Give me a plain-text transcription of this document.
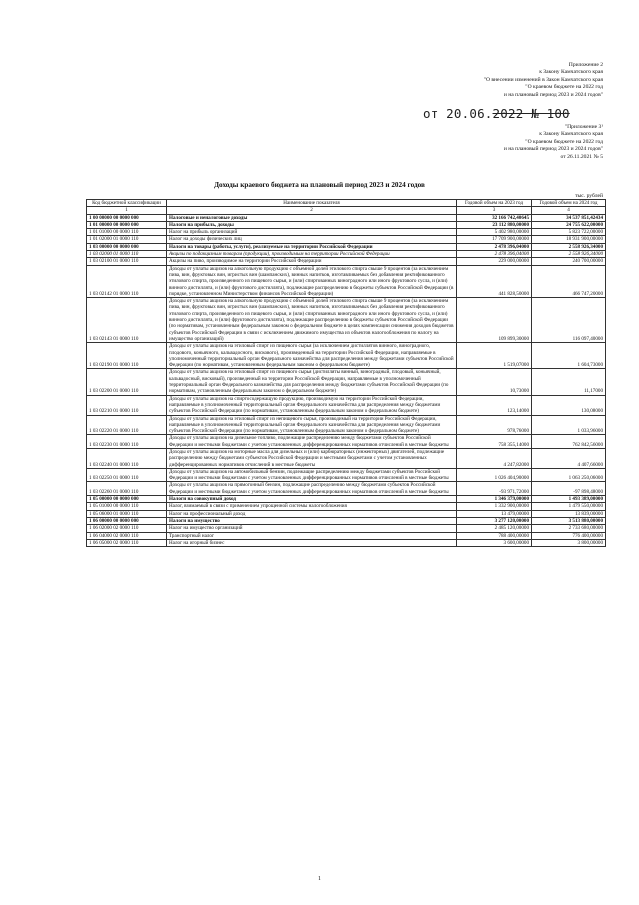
Приложение 2
к Закону Камчатского края
"О внесении изменений в Закон Камчатского края
"О краевом бюджете на 2022 год
и на плановый период 2023 и 2024 годов"
от 20.06.2022 № 100
"Приложение 3¹
к Закону Камчатского края
"О краевом бюджете на 2022 год
и на плановый период 2023 и 2024 годов"
от 26.11.2021 № 5
Доходы краевого бюджета на плановый период 2023 и 2024 годов
тыс. рублей
Код бюджетной классификации	Наименование показателя	Годовой объем на 2023 год	Годовой объем на 2024 год
1	2	3	4
1 00 00000 00 0000 000	Налоговые и неналоговые доходы	32 166 742,40645	34 537 851,42434
1 01 00000 00 0000 000	Налоги на прибыль, доходы	23 112 880,00000	24 755 622,00000
1 01 01000 00 0000 110	Налог на прибыль организаций	5 402 980,00000	5 823 722,00000
1 01 02000 01 0000 110	Налог на доходы физических лиц	17 709 900,00000	18 931 900,00000
1 03 00000 00 0000 000	Налоги на товары (работы, услуги), реализуемые на территории Российской Федерации	2 478 396,04000	2 558 926,34000
1 03 02000 01 0000 110	Акцизы по подакцизным товарам (продукции), производимым на территории Российской Федерации	2 478 396,04000	2 558 926,34000
1 03 02100 01 0000 110	Акцизы на пиво, производимое на территории Российской Федерации	229 000,00000	240 700,00000
1 03 02142 01 0000 110	Доходы от уплаты акцизов на алкогольную продукцию с объемной долей этилового спирта свыше 9 процентов (за исключением пива, вин, фруктовых вин, игристых вин (шампанских), винных напитков, изготавливаемых без добавления ректификованного этилового спирта, произведенного из пищевого сырья, и (или) спиртованных виноградного или иного фруктового сусла, и (или) винного дистиллята, и (или) фруктового дистиллята), подлежащие распределению в бюджеты субъектов Российской Федерации (в порядке, установленном Министерством финансов Российской Федерации)	441 828,50000	466 747,20000
1 03 02143 01 0000 110	Доходы от уплаты акцизов на алкогольную продукцию с объемной долей этилового спирта свыше 9 процентов (за исключением пива, вин, фруктовых вин, игристых вин (шампанских), винных напитков, изготавливаемых без добавления ректификованного этилового спирта, произведенного из пищевого сырья, и (или) спиртованных виноградного или иного фруктового сусла, и (или) винного дистиллята, и (или) фруктового дистиллята), подлежащие распределению в бюджеты субъектов Российской Федерации (по нормативам, установленным федеральным законом о федеральном бюджете в целях компенсации снижения доходов бюджетов субъектов Российской Федерации в связи с исключением движимого имущества из объектов налогообложения по налогу на имущество организаций)	109 899,30000	116 097,40000
1 03 02190 01 0000 110	Доходы от уплаты акцизов на этиловый спирт из пищевого сырья (за исключением дистиллятов винного, виноградного, плодового, коньячного, кальвадосного, вискового), произведенный на территории Российской Федерации, направляемые в уполномоченный территориальный орган Федерального казначейства для распределения между бюджетами субъектов Российской Федерации (по нормативам, установленным федеральным законом о федеральном бюджете)	1 519,07000	1 604,73000
1 03 02200 01 0000 110	Доходы от уплаты акцизов на этиловый спирт из пищевого сырья (дистилляты винный, виноградный, плодовый, коньячный, кальвадосный, висковый), произведенный на территории Российской Федерации, направляемые в уполномоченный территориальный орган Федерального казначейства для распределения между бюджетами субъектов Российской Федерации (по нормативам, установленным федеральным законом о федеральном бюджете)	10,73000	11,17000
1 03 02210 01 0000 110	Доходы от уплаты акцизов на спиртосодержащую продукцию, производимую на территории Российской Федерации, направляемые в уполномоченный территориальный орган Федерального казначейства для распределения между бюджетами субъектов Российской Федерации (по нормативам, установленным федеральным законом о федеральном бюджете)	123,14000	130,08000
1 03 02220 01 0000 110	Доходы от уплаты акцизов на этиловый спирт из непищевого сырья, производимый на территории Российской Федерации, направляемые в уполномоченный территориальный орган Федерального казначейства для распределения между бюджетами субъектов Российской Федерации (по нормативам, установленным федеральным законом о федеральном бюджете)	978,76000	1 033,96000
1 03 02230 01 0000 110	Доходы от уплаты акцизов на дизельное топливо, подлежащие распределению между бюджетами субъектов Российской Федерации и местными бюджетами с учетом установленных дифференцированных нормативов отчислений в местные бюджеты	758 355,14000	762 842,56000
1 03 02240 01 0000 110	Доходы от уплаты акцизов на моторные масла для дизельных и (или) карбюраторных (инжекторных) двигателей, подлежащие распределению между бюджетами субъектов Российской Федерации и местными бюджетами с учетом установленных дифференцированных нормативов отчислений в местные бюджеты	4 247,82000	4 407,66000
1 03 02250 01 0000 110	Доходы от уплаты акцизов на автомобильный бензин, подлежащие распределению между бюджетами субъектов Российской Федерации и местными бюджетами с учетом установленных дифференцированных нормативов отчислений в местные бюджеты	1 026 404,90000	1 063 250,06000
1 03 02260 01 0000 110	Доходы от уплаты акцизов на прямогонный бензин, подлежащие распределению между бюджетами субъектов Российской Федерации и местными бюджетами с учетом установленных дифференцированных нормативов отчислений в местные бюджеты	-93 971,72000	-97 898,48000
1 05 00000 00 0000 000	Налоги на совокупный доход	1 346 379,00000	1 493 389,00000
1 05 01000 00 0000 110	Налог, взимаемый в связи с применением упрощенной системы налогообложения	1 332 900,00000	1 479 550,00000
1 05 06000 01 0000 110	Налог на профессиональный доход	13 479,00000	13 839,00000
1 06 00000 00 0000 000	Налоги на имущество	3 277 120,00000	3 513 880,00000
1 06 02000 02 0000 110	Налог на имущество организаций	2 485 120,00000	2 733 680,00000
1 06 04000 02 0000 110	Транспортный налог	788 400,00000	776 400,00000
1 06 05000 02 0000 110	Налог на игорный бизнес	3 600,00000	3 800,00000
1
